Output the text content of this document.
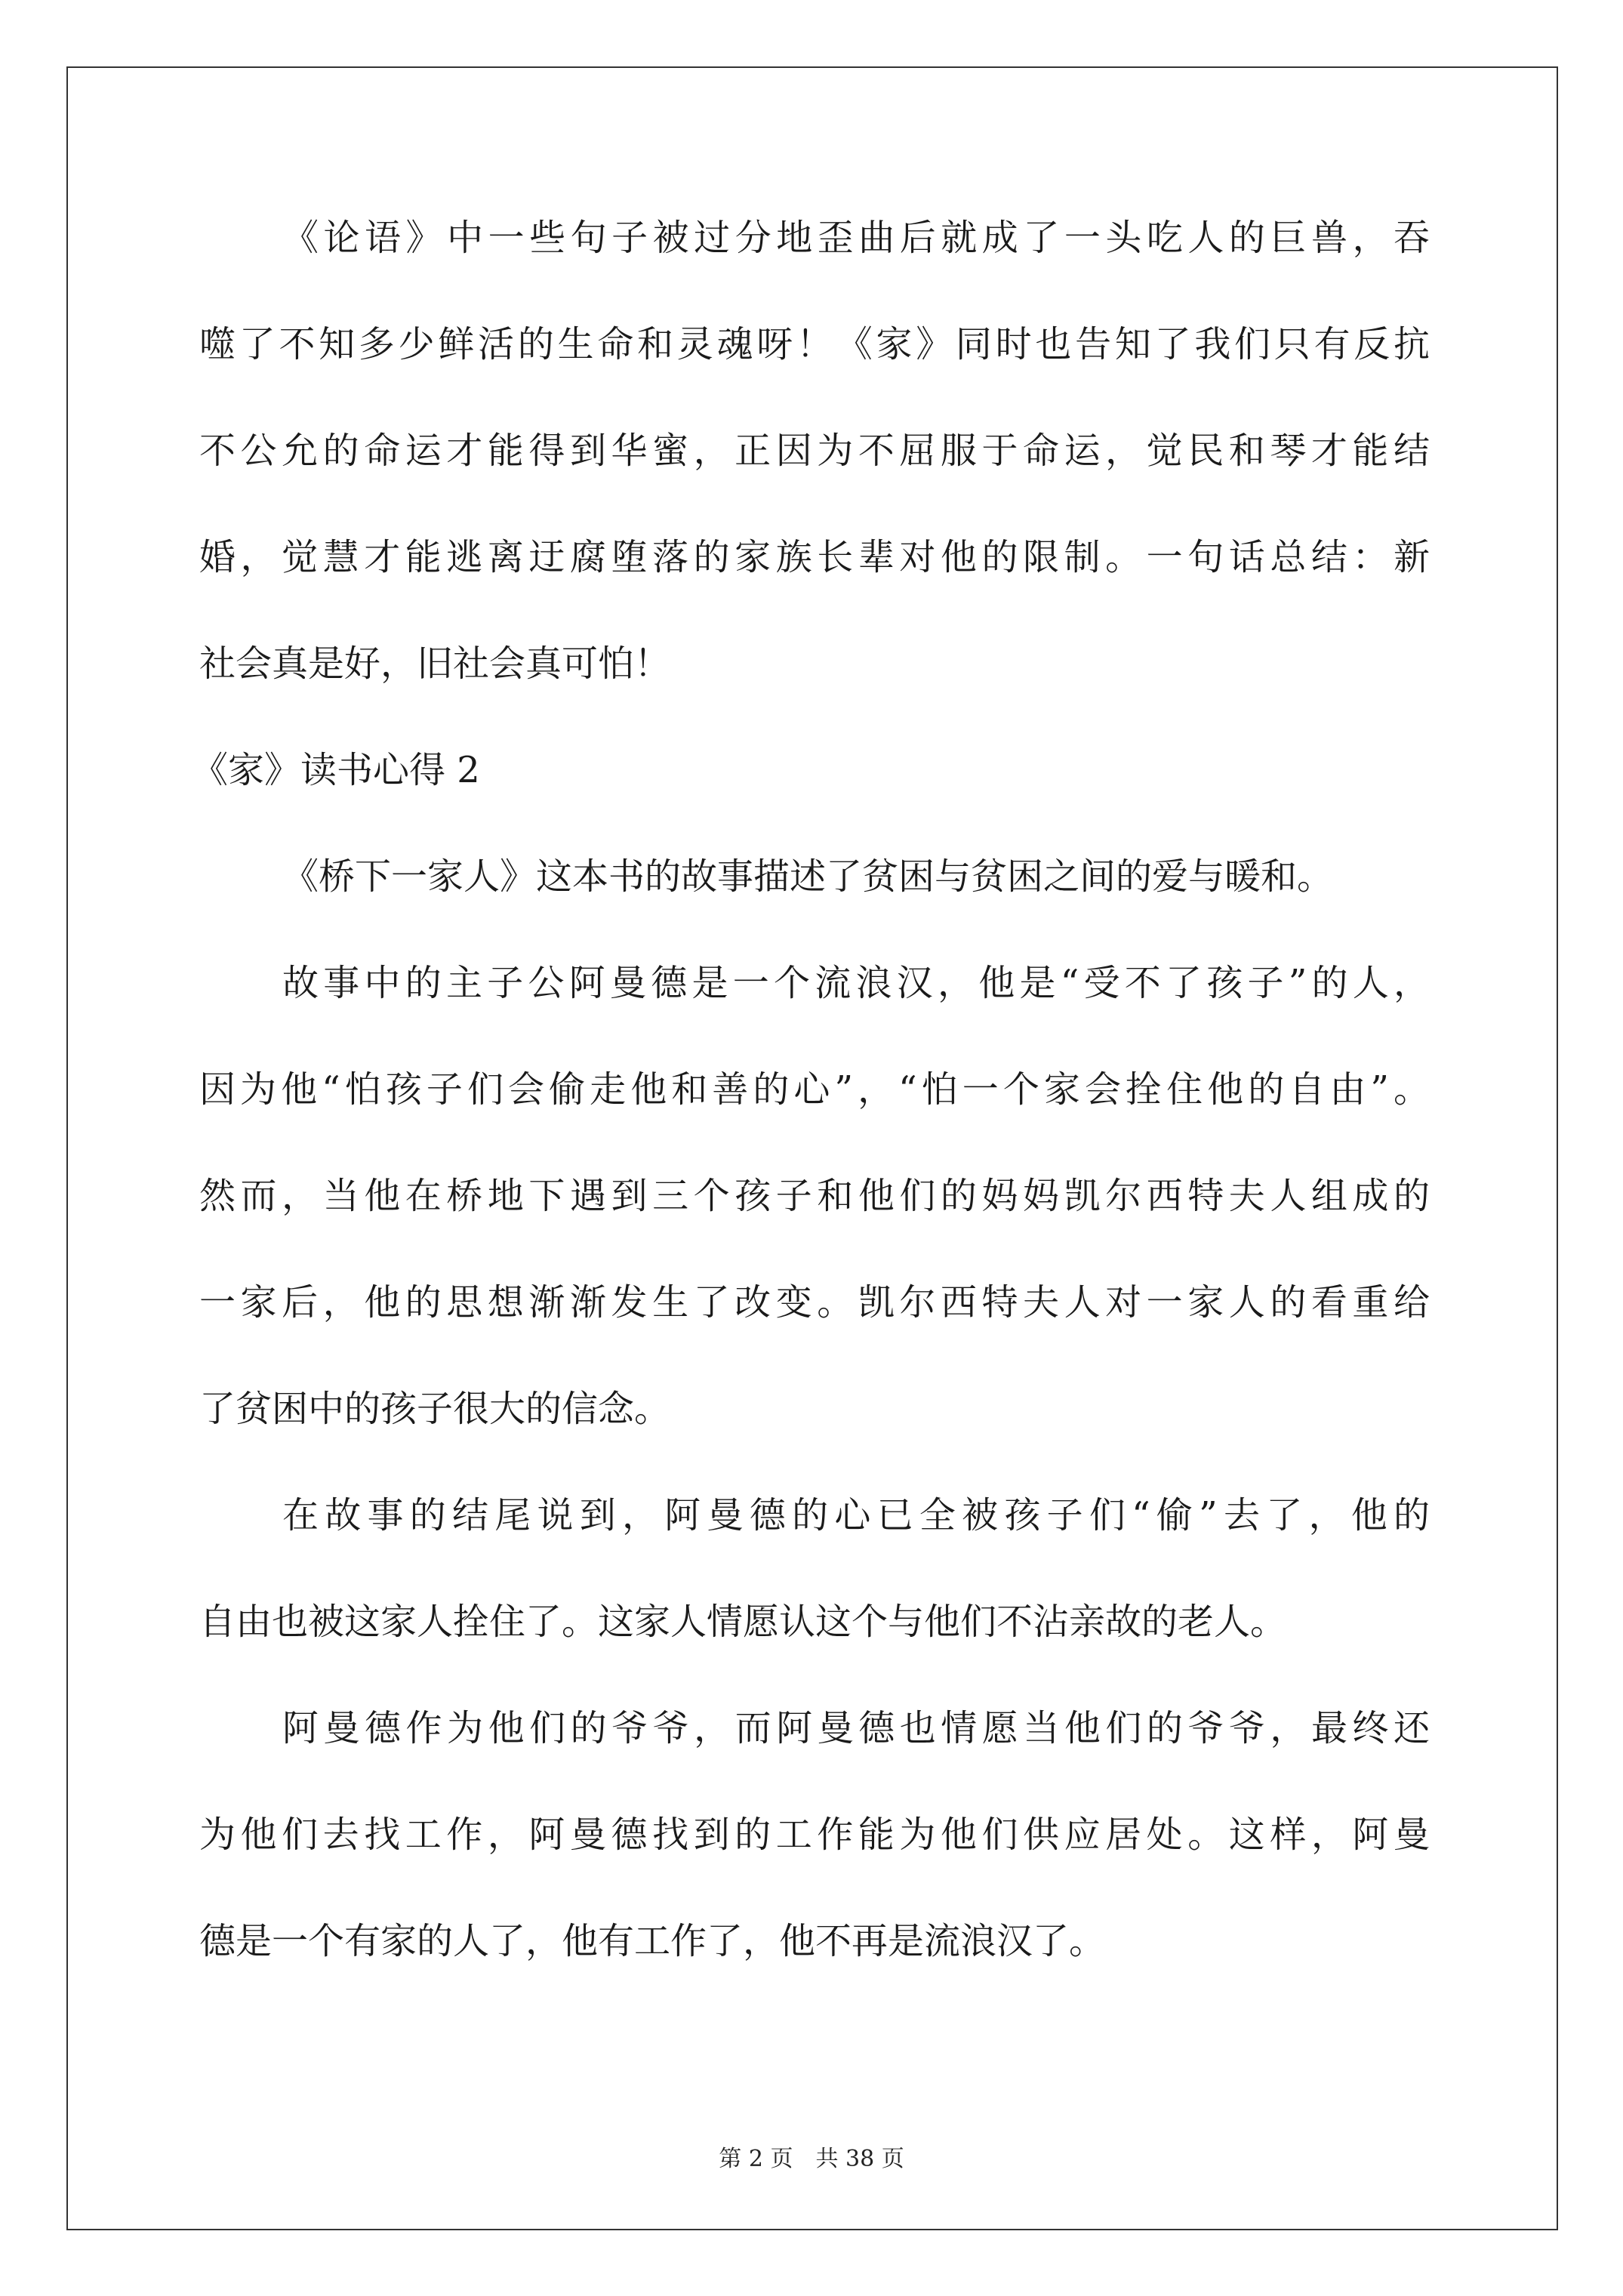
《论语》中一些句子被过分地歪曲后就成了一头吃人的巨兽，吞
噬了不知多少鲜活的生命和灵魂呀！《家》同时也告知了我们只有反抗
不公允的命运才能得到华蜜，正因为不屈服于命运，觉民和琴才能结
婚，觉慧才能逃离迂腐堕落的家族长辈对他的限制。一句话总结：新
社会真是好，旧社会真可怕！
《家》读书心得 2
《桥下一家人》这本书的故事描述了贫困与贫困之间的爱与暖和。
故事中的主子公阿曼德是一个流浪汉，他是“受不了孩子”的人，
因为他“怕孩子们会偷走他和善的心”，“怕一个家会拴住他的自由”。
然而，当他在桥地下遇到三个孩子和他们的妈妈凯尔西特夫人组成的
一家后，他的思想渐渐发生了改变。凯尔西特夫人对一家人的看重给
了贫困中的孩子很大的信念。
在故事的结尾说到，阿曼德的心已全被孩子们“偷”去了，他的
自由也被这家人拴住了。这家人情愿认这个与他们不沾亲故的老人。
阿曼德作为他们的爷爷，而阿曼德也情愿当他们的爷爷，最终还
为他们去找工作，阿曼德找到的工作能为他们供应居处。这样，阿曼
德是一个有家的人了，他有工作了，他不再是流浪汉了。
第 2 页　共 38 页
